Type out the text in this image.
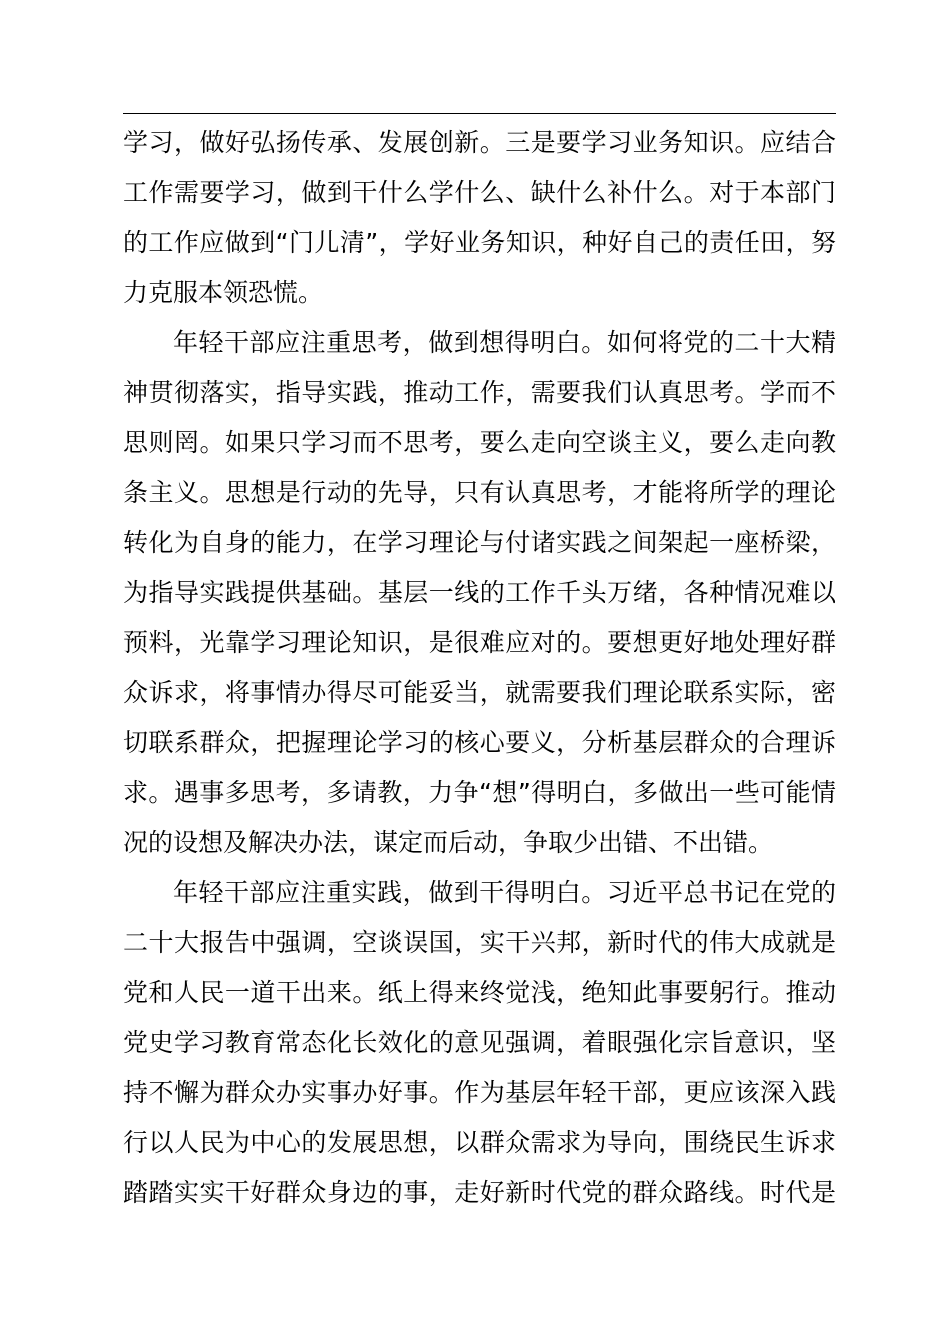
学习，做好弘扬传承、发展创新。三是要学习业务知识。应结合
工作需要学习，做到干什么学什么、缺什么补什么。对于本部门
的工作应做到“门儿清”，学好业务知识，种好自己的责任田，努
力克服本领恐慌。
年轻干部应注重思考，做到想得明白。如何将党的二十大精
神贯彻落实，指导实践，推动工作，需要我们认真思考。学而不
思则罔。如果只学习而不思考，要么走向空谈主义，要么走向教
条主义。思想是行动的先导，只有认真思考，才能将所学的理论
转化为自身的能力，在学习理论与付诸实践之间架起一座桥梁，
为指导实践提供基础。基层一线的工作千头万绪，各种情况难以
预料，光靠学习理论知识，是很难应对的。要想更好地处理好群
众诉求，将事情办得尽可能妥当，就需要我们理论联系实际，密
切联系群众，把握理论学习的核心要义，分析基层群众的合理诉
求。遇事多思考，多请教，力争“想”得明白，多做出一些可能情
况的设想及解决办法，谋定而后动，争取少出错、不出错。
年轻干部应注重实践，做到干得明白。习近平总书记在党的
二十大报告中强调，空谈误国，实干兴邦，新时代的伟大成就是
党和人民一道干出来。纸上得来终觉浅，绝知此事要躬行。推动
党史学习教育常态化长效化的意见强调，着眼强化宗旨意识，坚
持不懈为群众办实事办好事。作为基层年轻干部，更应该深入践
行以人民为中心的发展思想，以群众需求为导向，围绕民生诉求
踏踏实实干好群众身边的事，走好新时代党的群众路线。时代是
